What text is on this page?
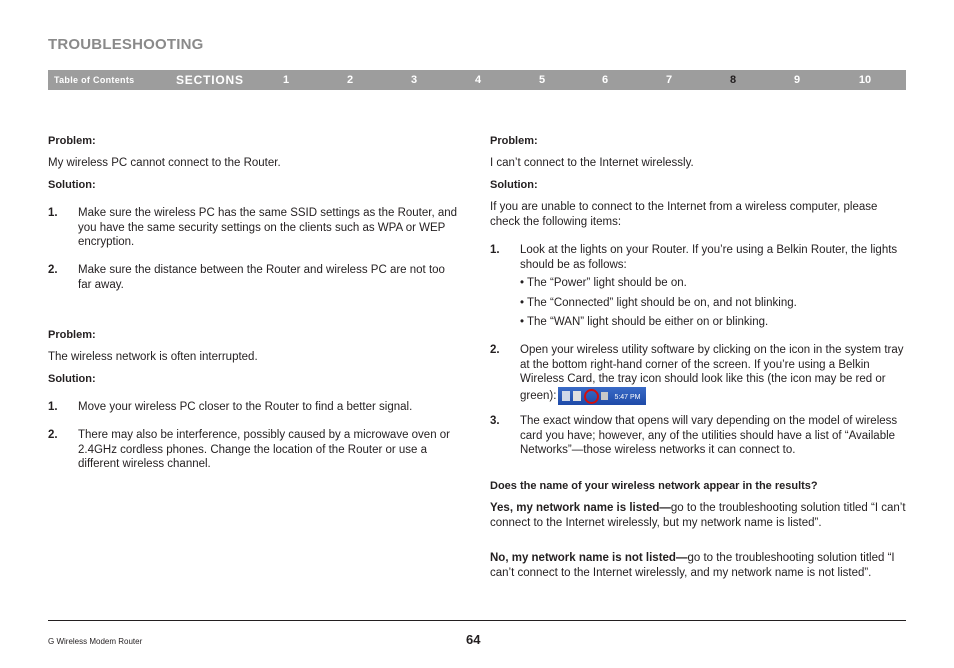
TROUBLESHOOTING
Table of Contents	SECTIONS	1	2	3	4	5	6	7	8	9	10

Problem:

My wireless PC cannot connect to the Router.

Solution:

1. Make sure the wireless PC has the same SSID settings as the Router, and you have the same security settings on the clients such as WPA or WEP encryption.

2. Make sure the distance between the Router and wireless PC are not too far away.

Problem:

The wireless network is often interrupted.

Solution:

1. Move your wireless PC closer to the Router to find a better signal.

2. There may also be interference, possibly caused by a microwave oven or 2.4GHz cordless phones. Change the location of the Router or use a different wireless channel.

Problem:

I can’t connect to the Internet wirelessly.

Solution:

If you are unable to connect to the Internet from a wireless computer, please check the following items:

1. Look at the lights on your Router. If you’re using a Belkin Router, the lights should be as follows:

• The “Power” light should be on.

• The “Connected” light should be on, and not blinking.

• The “WAN” light should be either on or blinking.

2. Open your wireless utility software by clicking on the icon in the system tray at the bottom right-hand corner of the screen. If you’re using a Belkin Wireless Card, the tray icon should look like this (the icon may be red or green):	5:47 PM

3. The exact window that opens will vary depending on the model of wireless card you have; however, any of the utilities should have a list of “Available Networks”—those wireless networks it can connect to.

Does the name of your wireless network appear in the results?

Yes, my network name is listed—go to the troubleshooting solution titled “I can’t connect to the Internet wirelessly, but my network name is listed”.

No, my network name is not listed—go to the troubleshooting solution titled “I can’t connect to the Internet wirelessly, and my network name is not listed”.

G Wireless Modem Router	64
